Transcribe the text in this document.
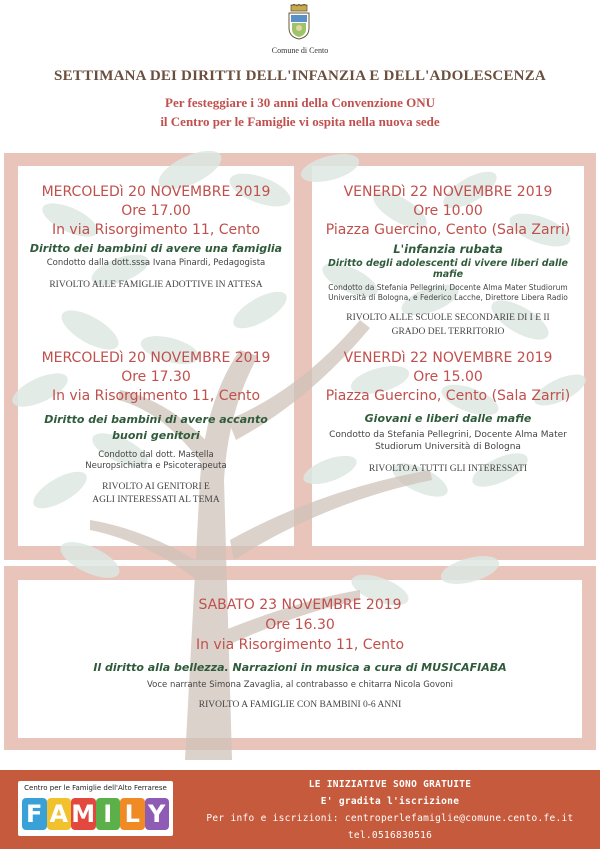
Comune di Cento
SETTIMANA DEI DIRITTI DELL'INFANZIA E DELL'ADOLESCENZA
Per festeggiare i 30 anni della Convenzione ONU
il Centro per le Famiglie vi ospita nella nuova sede
MERCOLEDì 20 NOVEMBRE 2019
Ore 17.00
In via Risorgimento 11, Cento
Diritto dei bambini di avere una famiglia
Condotto dalla dott.sssa Ivana Pinardi, Pedagogista
RIVOLTO ALLE FAMIGLIE ADOTTIVE IN ATTESA
MERCOLEDì 20 NOVEMBRE 2019
Ore 17.30
In via Risorgimento 11, Cento
Diritto dei bambini di avere accanto
buoni genitori
Condotto dal dott. Mastella
Neuropsichiatra e Psicoterapeuta
RIVOLTO AI GENITORI E
AGLI INTERESSATI AL TEMA
VENERDì 22 NOVEMBRE 2019
Ore 10.00
Piazza Guercino, Cento (Sala Zarri)
L'infanzia rubata
Diritto degli adolescenti di vivere liberi dalle mafie
Condotto da Stefania Pellegrini, Docente Alma Mater Studiorum
Università di Bologna, e Federico Lacche, Direttore Libera Radio
RIVOLTO ALLE SCUOLE SECONDARIE DI I E II
GRADO DEL TERRITORIO
VENERDì 22 NOVEMBRE 2019
Ore 15.00
Piazza Guercino, Cento (Sala Zarri)
Giovani e liberi dalle mafie
Condotto da Stefania Pellegrini, Docente Alma Mater
Studiorum Università di Bologna
RIVOLTO A TUTTI GLI INTERESSATI
SABATO 23 NOVEMBRE 2019
Ore 16.30
In via Risorgimento 11, Cento
Il diritto alla bellezza. Narrazioni in musica a cura di MUSICAFIABA
Voce narrante Simona Zavaglia, al contrabasso e chitarra Nicola Govoni
RIVOLTO A FAMIGLIE CON BAMBINI 0-6 ANNI
Centro per le Famiglie dell'Alto Ferrarese
F A M I L Y
LE INIZIATIVE SONO GRATUITE
E' gradita l'iscrizione
Per info e iscrizioni: centroperlefamiglie@comune.cento.fe.it
tel.0516830516
